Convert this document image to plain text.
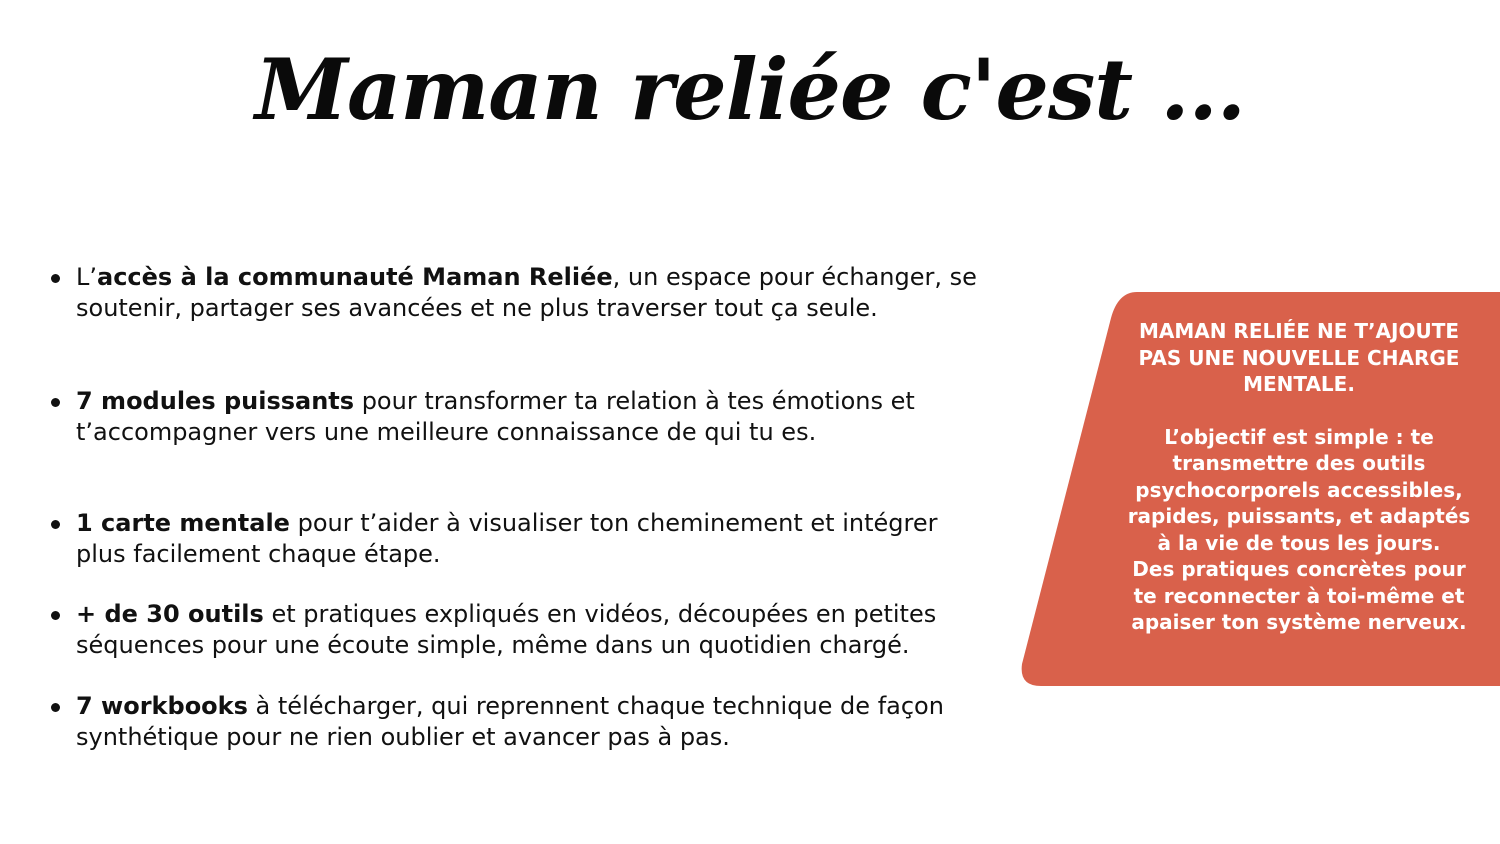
Maman reliée c'est ...
L’accès à la communauté Maman Reliée, un espace pour échanger, se soutenir, partager ses avancées et ne plus traverser tout ça seule.
7 modules puissants pour transformer ta relation à tes émotions et t’accompagner vers une meilleure connaissance de qui tu es.
1 carte mentale pour t’aider à visualiser ton cheminement et intégrer plus facilement chaque étape.
+ de 30 outils et pratiques expliqués en vidéos, découpées en petites séquences pour une écoute simple, même dans un quotidien chargé.
7 workbooks à télécharger, qui reprennent chaque technique de façon synthétique pour ne rien oublier et avancer pas à pas.
MAMAN RELIÉE NE T’AJOUTE PAS UNE NOUVELLE CHARGE MENTALE.
L’objectif est simple : te transmettre des outils psychocorporels accessibles, rapides, puissants, et adaptés à la vie de tous les jours.
Des pratiques concrètes pour te reconnecter à toi-même et apaiser ton système nerveux.
